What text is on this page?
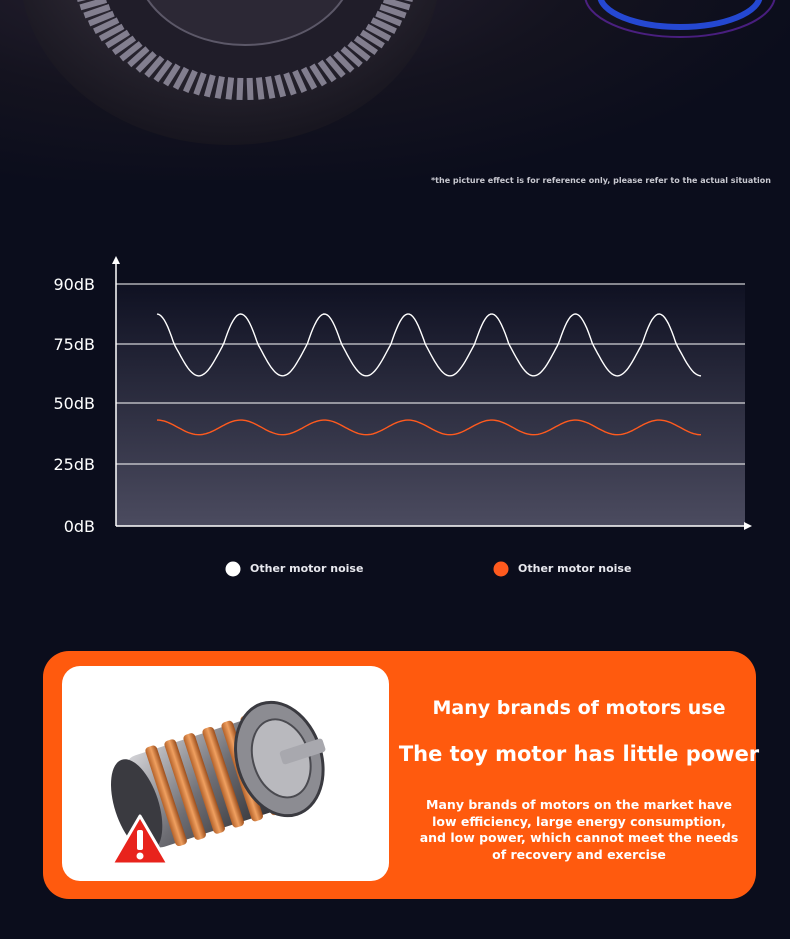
*the picture effect is for reference only, please refer to the actual situation
0dB
25dB
50dB
75dB
90dB
Other motor noise	Other motor noise
Many brands of motors use
The toy motor has little power
Many brands of motors on the market have low efficiency, large energy consumption, and low power, which cannot meet the needs of recovery and exercise
